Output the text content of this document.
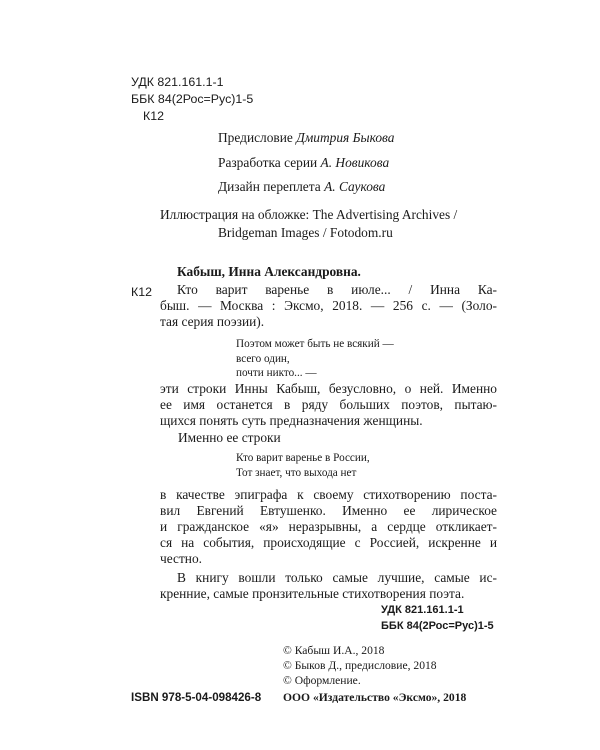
УДК 821.161.1-1
ББК 84(2Рос=Рус)1-5
К12
Предисловие Дмитрия Быкова
Разработка серии А. Новикова
Дизайн переплета А. Саукова
Иллюстрация на обложке: The Advertising Archives /
Bridgeman Images / Fotodom.ru
К12
Кабыш, Инна Александровна.
Кто варит варенье в июле... / Инна Ка-
быш. — Москва : Эксмо, 2018. — 256 с. — (Золо-
тая серия поэзии).
Поэтом может быть не всякий —
всего один,
почти никто... —
эти строки Инны Кабыш, безусловно, о ней. Именно
ее имя останется в ряду больших поэтов, пытаю-
щихся понять суть предназначения женщины.
Именно ее строки
Кто варит варенье в России,
Тот знает, что выхода нет
в качестве эпиграфа к своему стихотворению поста-
вил Евгений Евтушенко. Именно ее лирическое
и гражданское «я» неразрывны, а сердце откликает-
ся на события, происходящие с Россией, искренне и
честно.
В книгу вошли только самые лучшие, самые ис-
кренние, самые пронзительные стихотворения поэта.
УДК 821.161.1-1
ББК 84(2Рос=Рус)1-5
© Кабыш И.А., 2018
© Быков Д., предисловие, 2018
© Оформление.
ISBN 978-5-04-098426-8 ООО «Издательство «Эксмо», 2018
